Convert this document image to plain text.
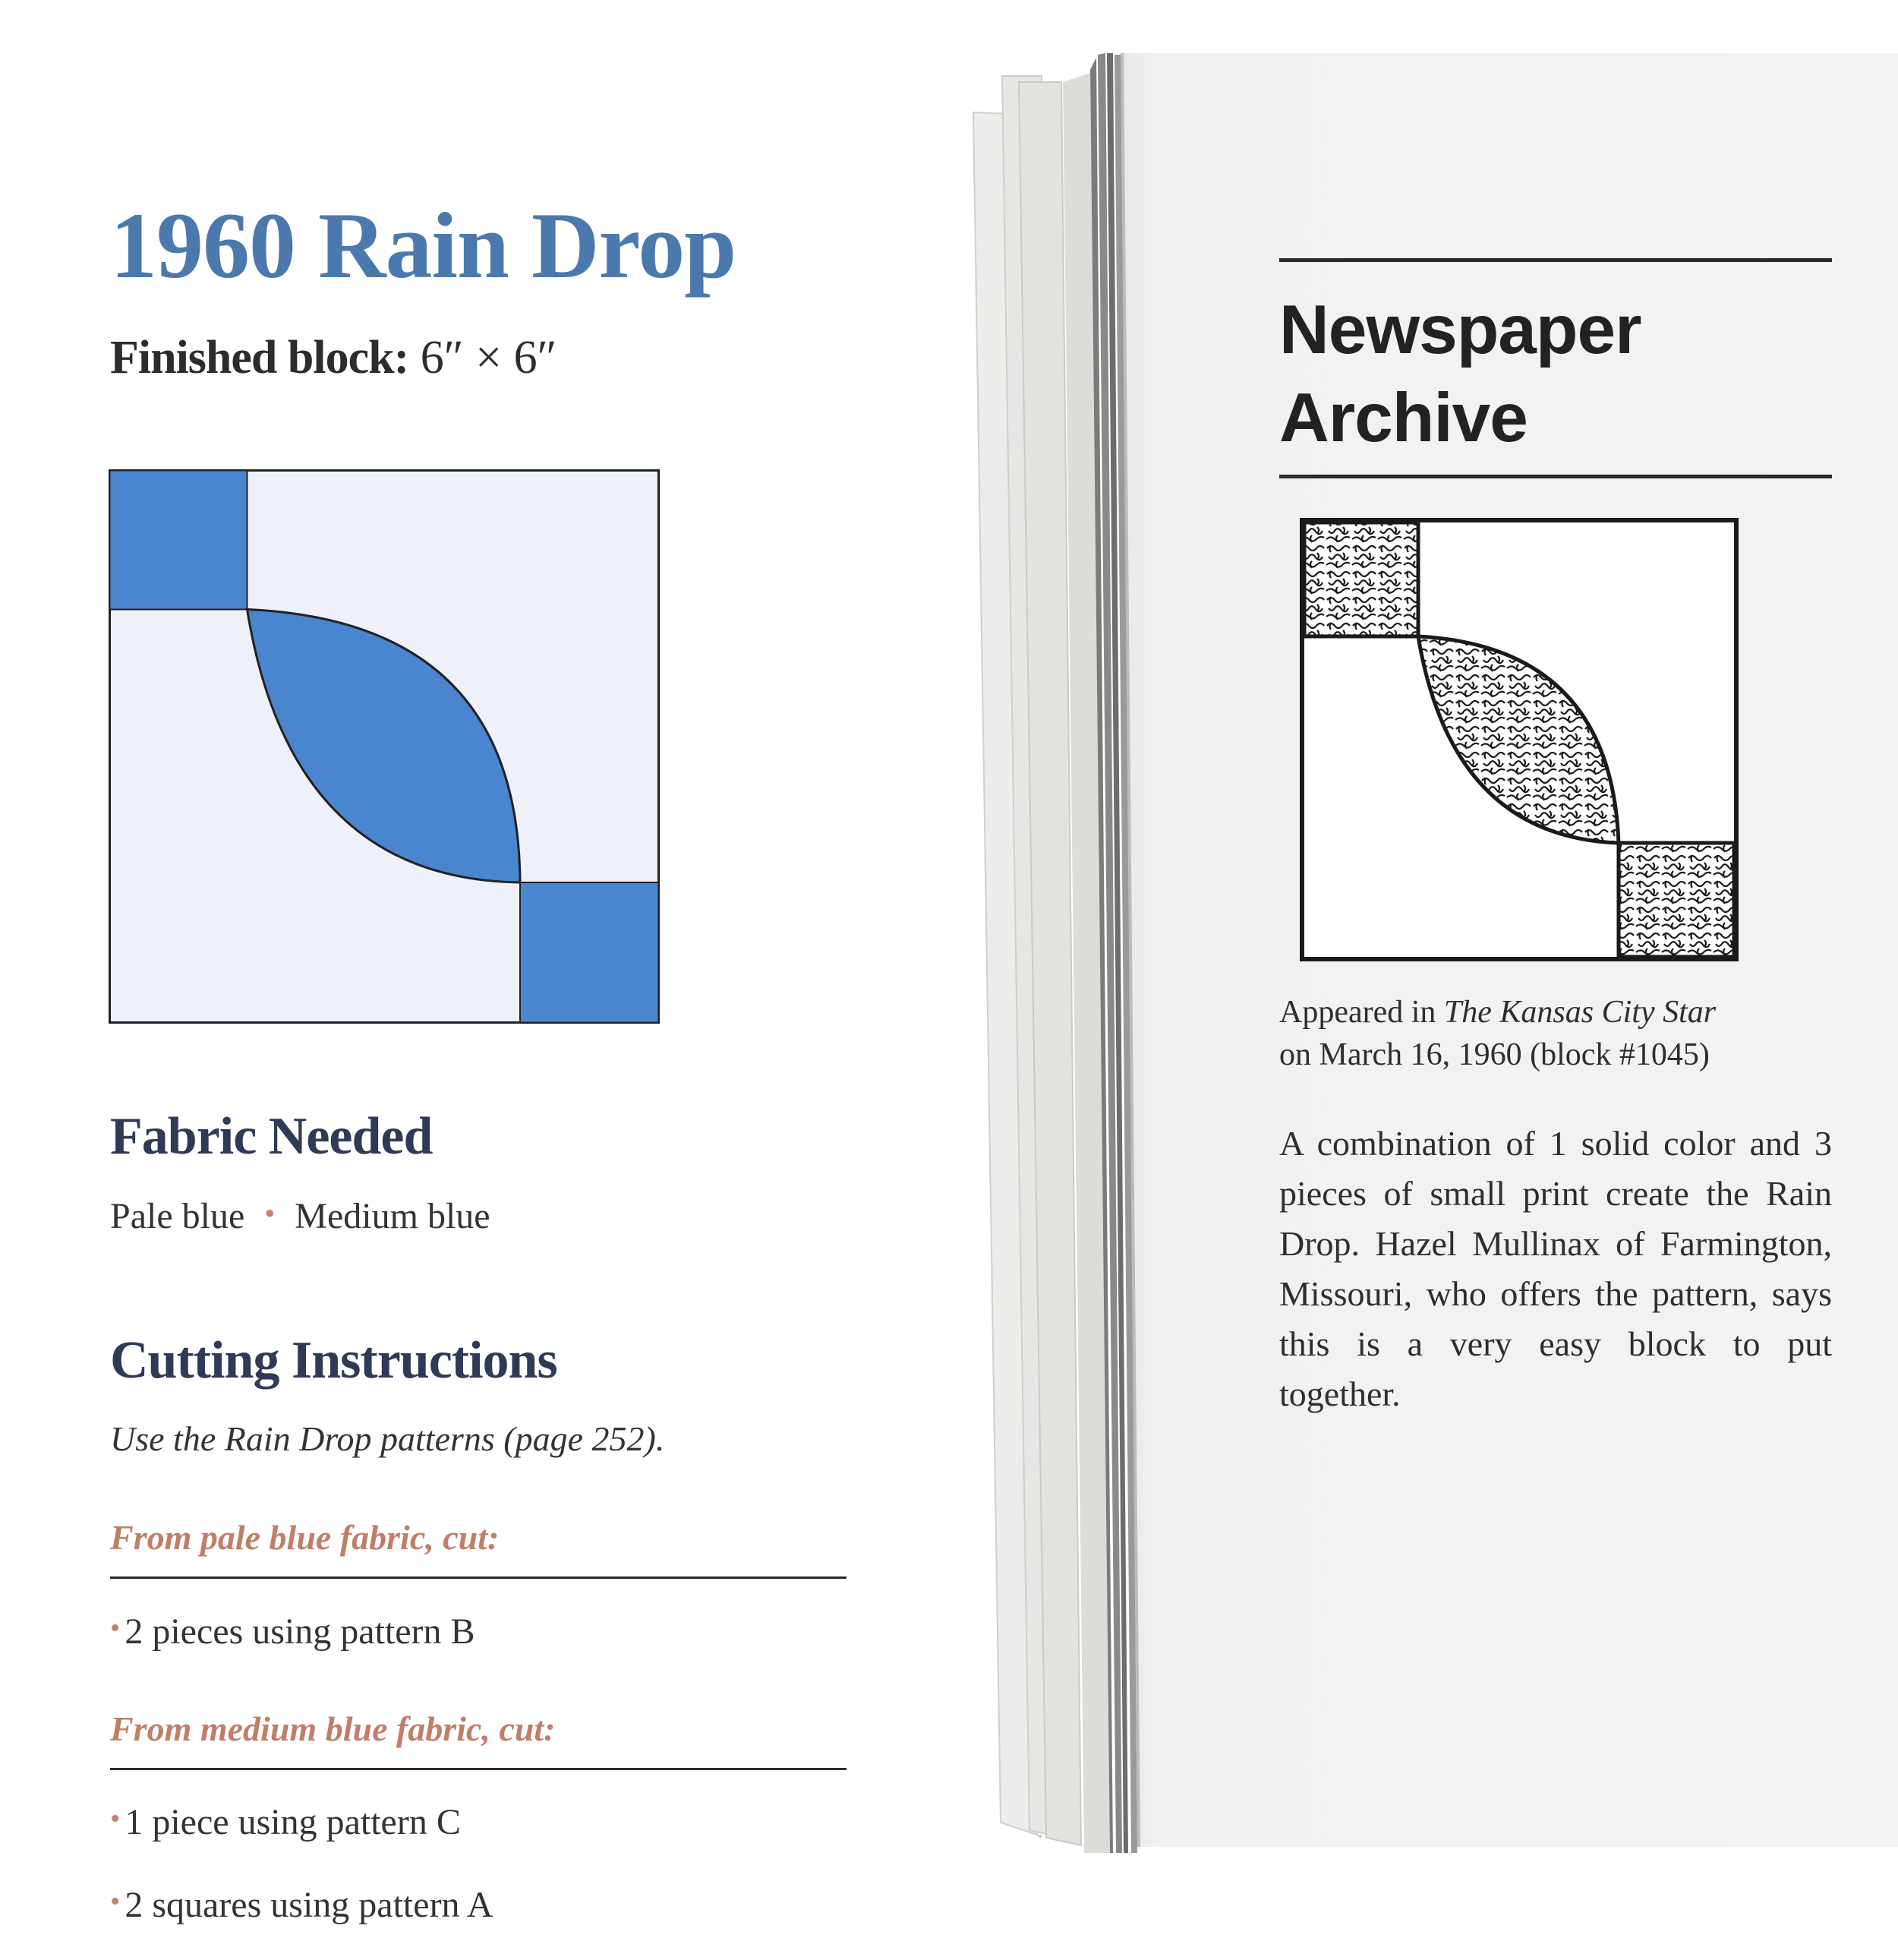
1960 Rain Drop
Finished block: 6″ × 6″
Fabric Needed
Pale blue • Medium blue
Cutting Instructions
Use the Rain Drop patterns (page 252).
From pale blue fabric, cut:
• 2 pieces using pattern B
From medium blue fabric, cut:
• 1 piece using pattern C
• 2 squares using pattern A
Newspaper
Archive
Appeared in The Kansas City Star
on March 16, 1960 (block #1045)

A combination of 1 solid color and 3 pieces of small print create the Rain Drop. Hazel Mullinax of Farmington, Missouri, who offers the pattern, says this is a very easy block to put together.
